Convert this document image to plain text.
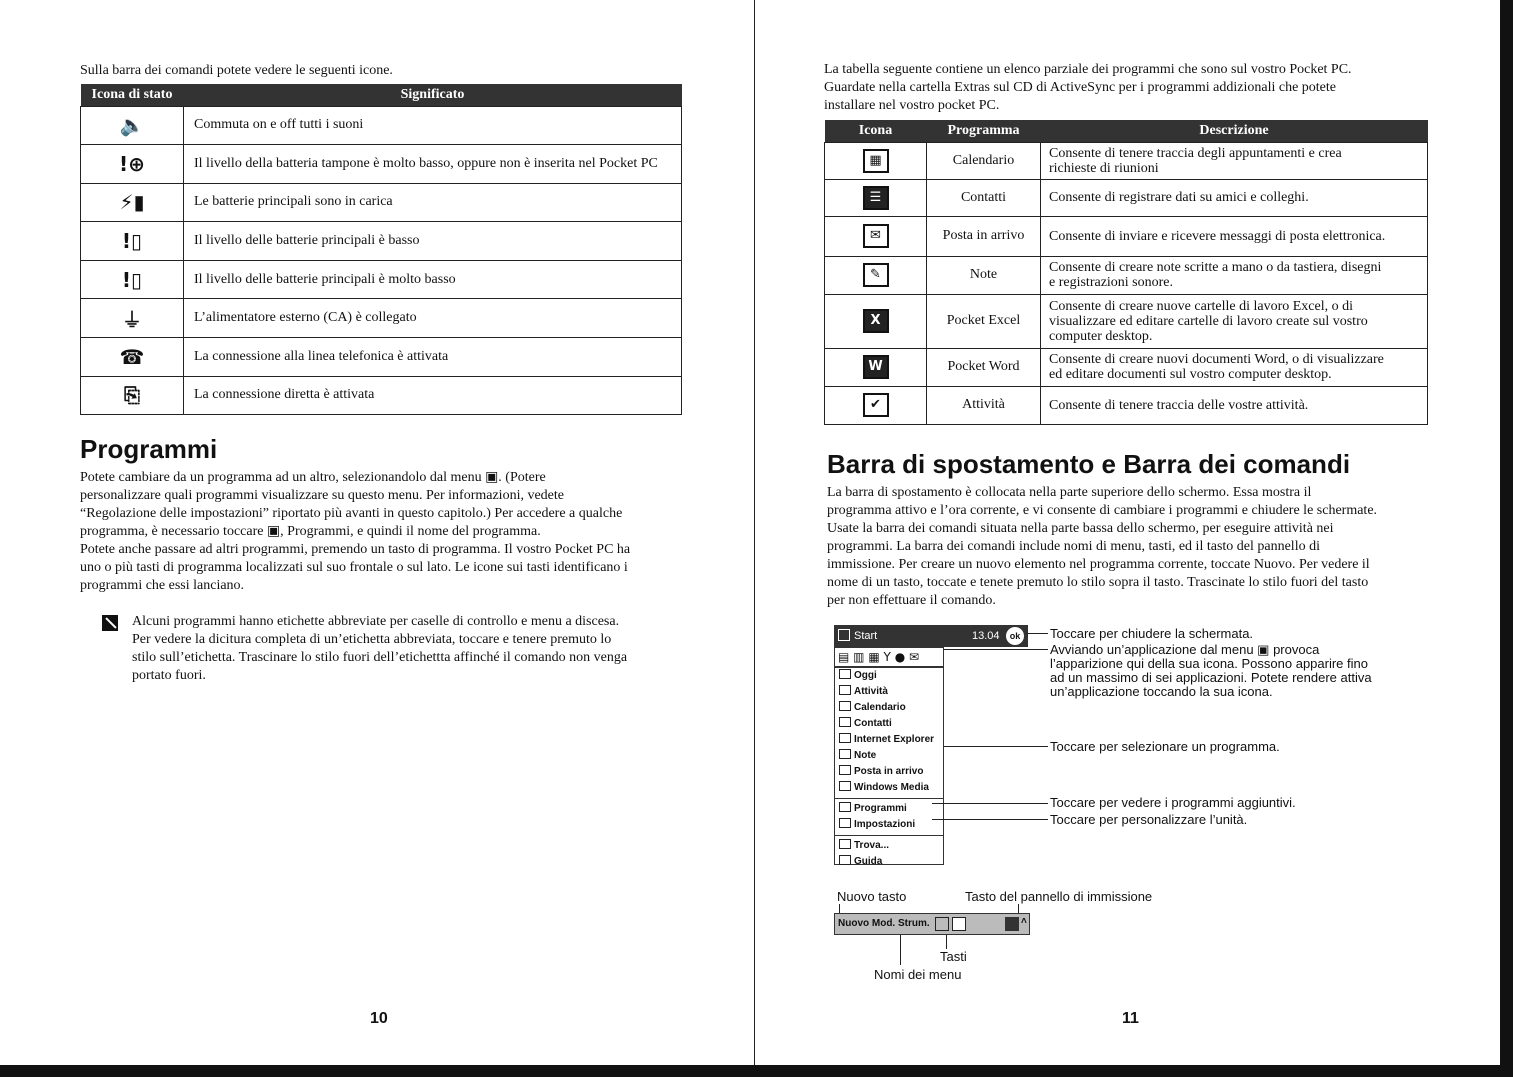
Sulla barra dei comandi potete vedere le seguenti icone.
Icona di stato	Significato
🔈	Commuta on e off tutti i suoni
!⊕	Il livello della batteria tampone è molto basso, oppure non è inserita nel Pocket PC
⚡▮	Le batterie principali sono in carica
!▯	Il livello delle batterie principali è basso
!▯	Il livello delle batterie principali è molto basso
⏚	L’alimentatore esterno (CA) è collegato
☎	La connessione alla linea telefonica è attivata
⎘	La connessione diretta è attivata
Programmi
Potete cambiare da un programma ad un altro, selezionandolo dal menu ▣. (Potere
personalizzare quali programmi visualizzare su questo menu. Per informazioni, vedete
“Regolazione delle impostazioni” riportato più avanti in questo capitolo.) Per accedere a qualche
programma, è necessario toccare ▣, Programmi, e quindi il nome del programma.
Potete anche passare ad altri programmi, premendo un tasto di programma. Il vostro Pocket PC ha
uno o più tasti di programma localizzati sul suo frontale o sul lato. Le icone sui tasti identificano i
programmi che essi lanciano.
Alcuni programmi hanno etichette abbreviate per caselle di controllo e menu a discesa.
Per vedere la dicitura completa di un’etichetta abbreviata, toccare e tenere premuto lo
stilo sull’etichetta. Trascinare lo stilo fuori dell’etichettta affinché il comando non venga
portato fuori.
10
La tabella seguente contiene un elenco parziale dei programmi che sono sul vostro Pocket PC.
Guardate nella cartella Extras sul CD di ActiveSync per i programmi addizionali che potete
installare nel vostro pocket PC.
Icona	Programma	Descrizione
▦	Calendario	Consente di tenere traccia degli appuntamenti e crea
richieste di riunioni

☰	Contatti	Consente di registrare dati su amici e colleghi.

✉	Posta in arrivo	Consente di inviare e ricevere messaggi di posta elettronica.

✎	Note	Consente di creare note scritte a mano o da tastiera, disegni
e registrazioni sonore.

X	Pocket Excel	Consente di creare nuove cartelle di lavoro Excel, o di
visualizzare ed editare cartelle di lavoro create sul vostro
computer desktop.

W	Pocket Word	Consente di creare nuovi documenti Word, o di visualizzare
ed editare documenti sul vostro computer desktop.

✔	Attività	Consente di tenere traccia delle vostre attività.
Barra di spostamento e Barra dei comandi
La barra di spostamento è collocata nella parte superiore dello schermo. Essa mostra il
programma attivo e l’ora corrente, e vi consente di cambiare i programmi e chiudere le schermate.
Usate la barra dei comandi situata nella parte bassa dello schermo, per eseguire attività nei
programmi. La barra dei comandi include nomi di menu, tasti, ed il tasto del pannello di
immissione. Per creare un nuovo elemento nel programma corrente, toccate Nuovo. Per vedere il
nome di un tasto, toccate e tenete premuto lo stilo sopra il tasto. Trascinate lo stilo fuori del tasto
per non effettuare il comando.
11
Start	13.04	ok
▤ ▥ ▦ Y ● ✉
Oggi
Attività
Calendario
Contatti
Internet Explorer
Note
Posta in arrivo
Windows Media
Programmi
Impostazioni
Trova...
Guida
Toccare per chiudere la schermata.
Avviando un’applicazione dal menu ▣ provoca
l’apparizione qui della sua icona. Possono apparire fino
ad un massimo di sei applicazioni. Potete rendere attiva
un’applicazione toccando la sua icona.
Toccare per selezionare un programma.
Toccare per vedere i programmi aggiuntivi.
Toccare per personalizzare l’unità.
Nuovo tasto	Tasto del pannello di immissione
Nuovo Mod. Strum.	˄
Tasti
Nomi dei menu
